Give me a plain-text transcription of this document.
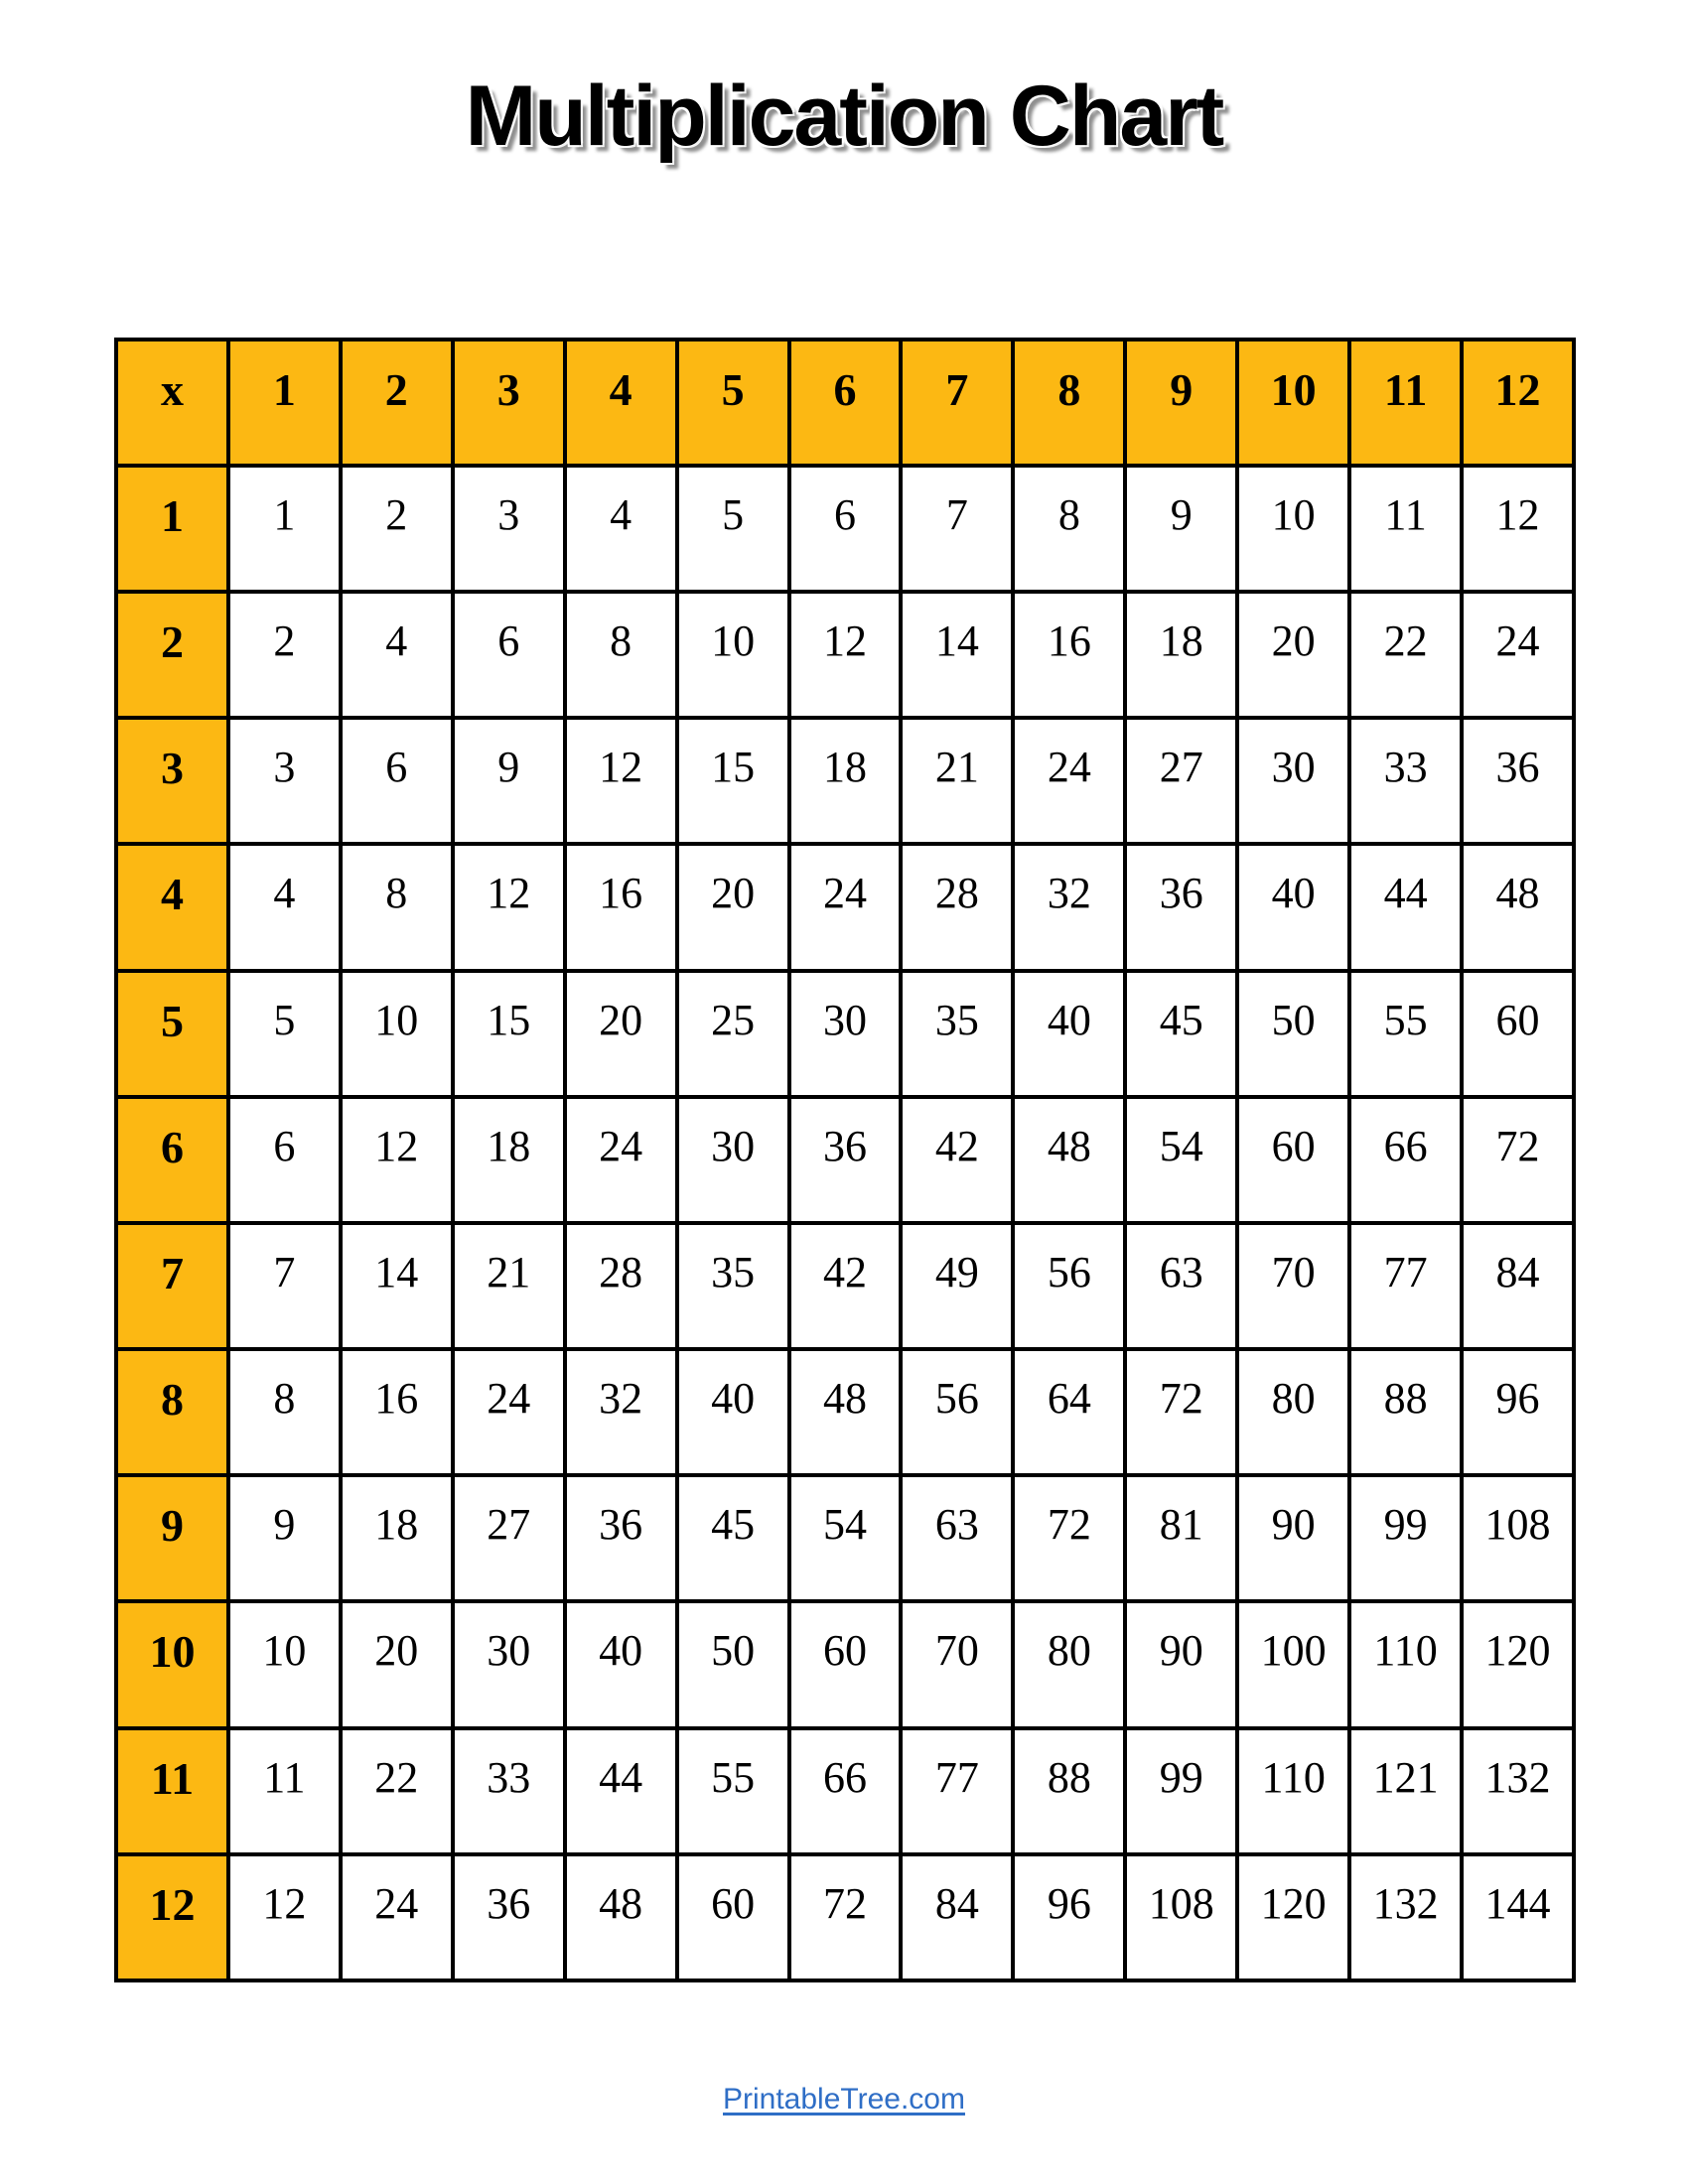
Multiplication Chart
x	1	2	3	4	5	6	7	8	9	10	11	12
1	1	2	3	4	5	6	7	8	9	10	11	12
2	2	4	6	8	10	12	14	16	18	20	22	24
3	3	6	9	12	15	18	21	24	27	30	33	36
4	4	8	12	16	20	24	28	32	36	40	44	48
5	5	10	15	20	25	30	35	40	45	50	55	60
6	6	12	18	24	30	36	42	48	54	60	66	72
7	7	14	21	28	35	42	49	56	63	70	77	84
8	8	16	24	32	40	48	56	64	72	80	88	96
9	9	18	27	36	45	54	63	72	81	90	99	108
10	10	20	30	40	50	60	70	80	90	100	110	120
11	11	22	33	44	55	66	77	88	99	110	121	132
12	12	24	36	48	60	72	84	96	108	120	132	144
PrintableTree.com
